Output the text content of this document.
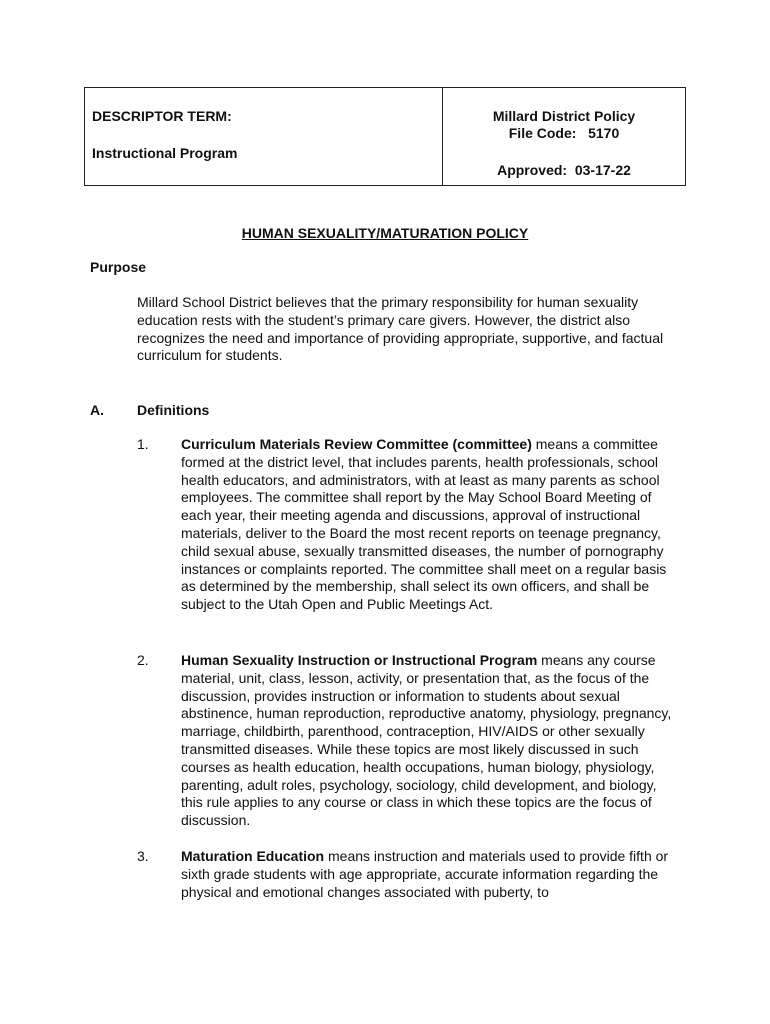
DESCRIPTOR TERM:
Instructional Program
Millard District Policy
File Code:   5170
Approved:  03-17-22
HUMAN SEXUALITY/MATURATION POLICY
Purpose
Millard School District believes that the primary responsibility for human sexuality education rests with the student’s primary care givers. However, the district also recognizes the need and importance of providing appropriate, supportive, and factual curriculum for students.
A. Definitions
1. Curriculum Materials Review Committee (committee) means a committee formed at the district level, that includes parents, health professionals, school health educators, and administrators, with at least as many parents as school employees. The committee shall report by the May School Board Meeting of each year, their meeting agenda and discussions, approval of instructional materials, deliver to the Board the most recent reports on teenage pregnancy, child sexual abuse, sexually transmitted diseases, the number of pornography instances or complaints reported. The committee shall meet on a regular basis as determined by the membership, shall select its own officers, and shall be subject to the Utah Open and Public Meetings Act.
2. Human Sexuality Instruction or Instructional Program means any course material, unit, class, lesson, activity, or presentation that, as the focus of the discussion, provides instruction or information to students about sexual abstinence, human reproduction, reproductive anatomy, physiology, pregnancy, marriage, childbirth, parenthood, contraception, HIV/AIDS or other sexually transmitted diseases. While these topics are most likely discussed in such courses as health education, health occupations, human biology, physiology, parenting, adult roles, psychology, sociology, child development, and biology, this rule applies to any course or class in which these topics are the focus of discussion.
3. Maturation Education means instruction and materials used to provide fifth or sixth grade students with age appropriate, accurate information regarding the physical and emotional changes associated with puberty, to
